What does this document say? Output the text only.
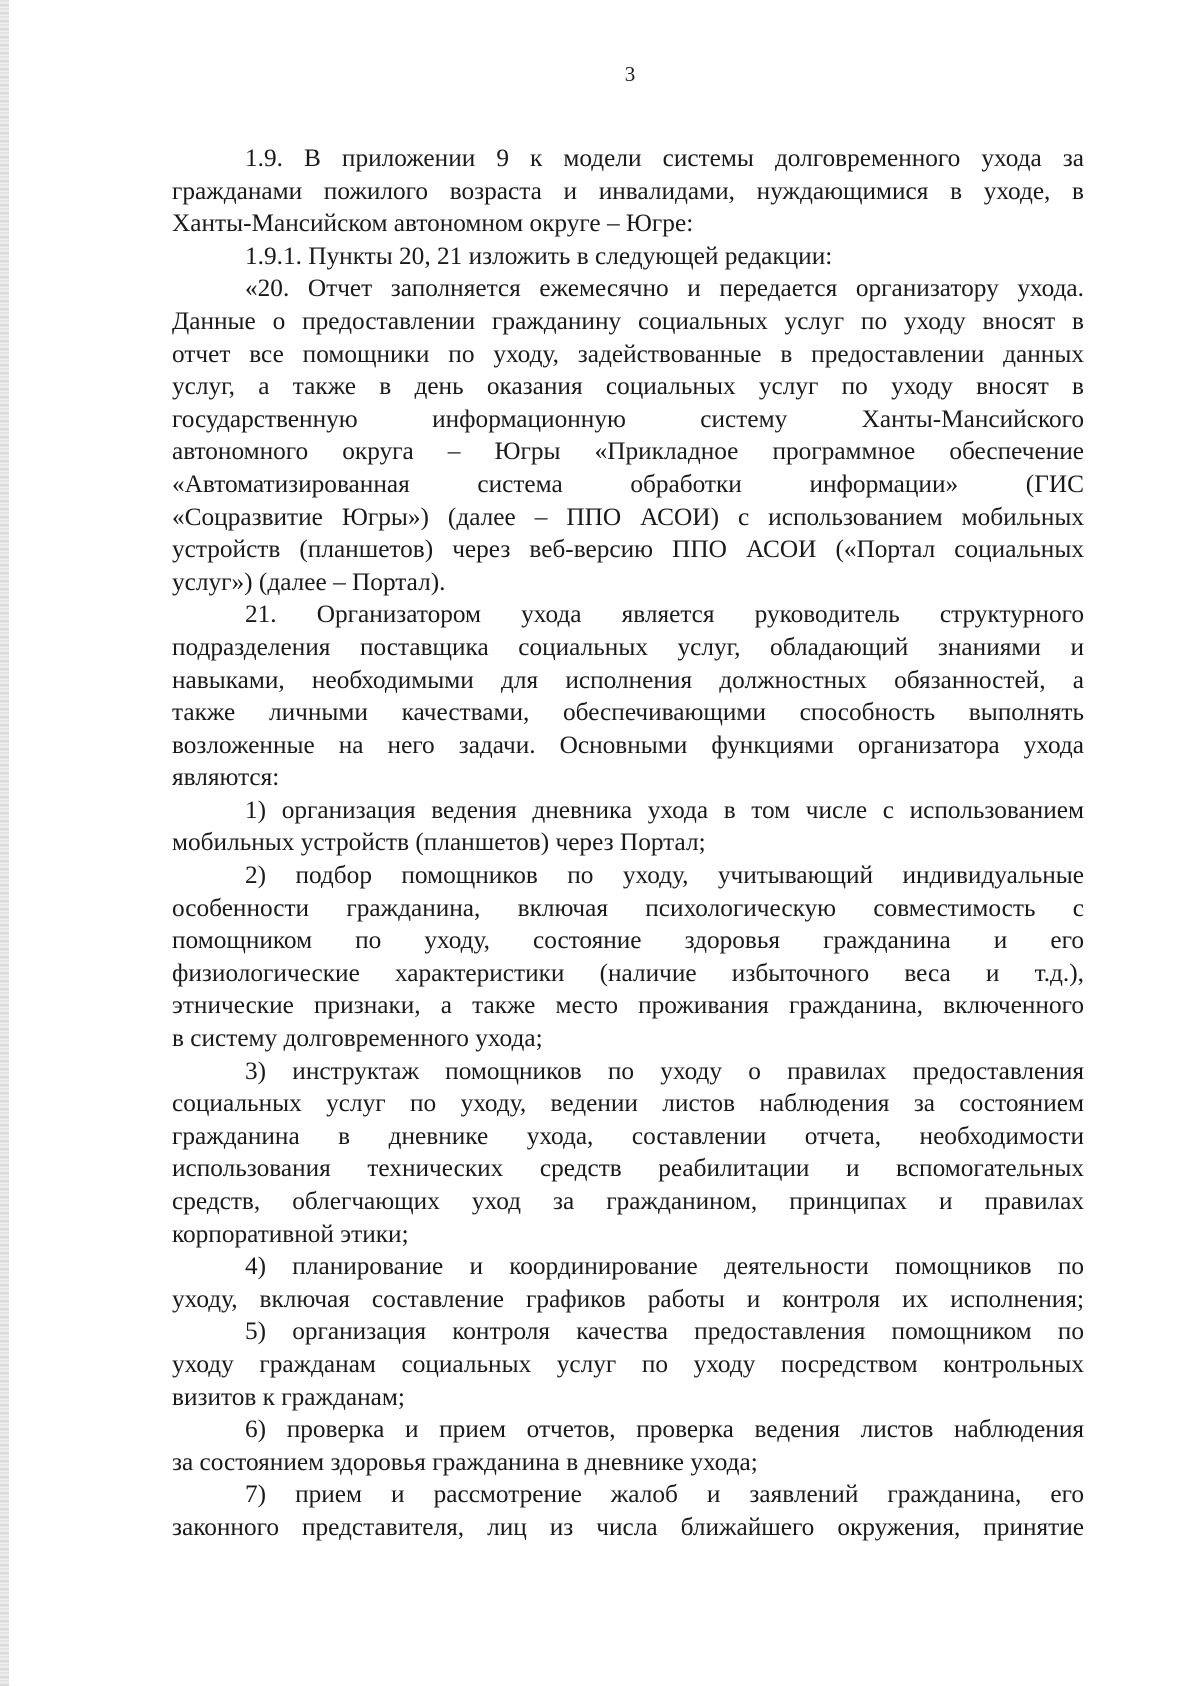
3
1.9. В приложении 9 к модели системы долговременного ухода за
гражданами пожилого возраста и инвалидами, нуждающимися в уходе, в
Ханты-Мансийском автономном округе – Югре:
1.9.1. Пункты 20, 21 изложить в следующей редакции:
«20. Отчет заполняется ежемесячно и передается организатору ухода.
Данные о предоставлении гражданину социальных услуг по уходу вносят в
отчет все помощники по уходу, задействованные в предоставлении данных
услуг, а также в день оказания социальных услуг по уходу вносят в
государственную информационную систему Ханты-Мансийского
автономного округа – Югры «Прикладное программное обеспечение
«Автоматизированная система обработки информации» (ГИС
«Соцразвитие Югры») (далее – ППО АСОИ) с использованием мобильных
устройств (планшетов) через веб-версию ППО АСОИ («Портал социальных
услуг») (далее – Портал).
21. Организатором ухода является руководитель структурного
подразделения поставщика социальных услуг, обладающий знаниями и
навыками, необходимыми для исполнения должностных обязанностей, а
также личными качествами, обеспечивающими способность выполнять
возложенные на него задачи. Основными функциями организатора ухода
являются:
1) организация ведения дневника ухода в том числе с использованием
мобильных устройств (планшетов) через Портал;
2) подбор помощников по уходу, учитывающий индивидуальные
особенности гражданина, включая психологическую совместимость с
помощником по уходу, состояние здоровья гражданина и его
физиологические характеристики (наличие избыточного веса и т.д.),
этнические признаки, а также место проживания гражданина, включенного
в систему долговременного ухода;
3) инструктаж помощников по уходу о правилах предоставления
социальных услуг по уходу, ведении листов наблюдения за состоянием
гражданина в дневнике ухода, составлении отчета, необходимости
использования технических средств реабилитации и вспомогательных
средств, облегчающих уход за гражданином, принципах и правилах
корпоративной этики;
4) планирование и координирование деятельности помощников по
уходу, включая составление графиков работы и контроля их исполнения;
5) организация контроля качества предоставления помощником по
уходу гражданам социальных услуг по уходу посредством контрольных
визитов к гражданам;
6) проверка и прием отчетов, проверка ведения листов наблюдения
за состоянием здоровья гражданина в дневнике ухода;
7) прием и рассмотрение жалоб и заявлений гражданина, его
законного представителя, лиц из числа ближайшего окружения, принятие
